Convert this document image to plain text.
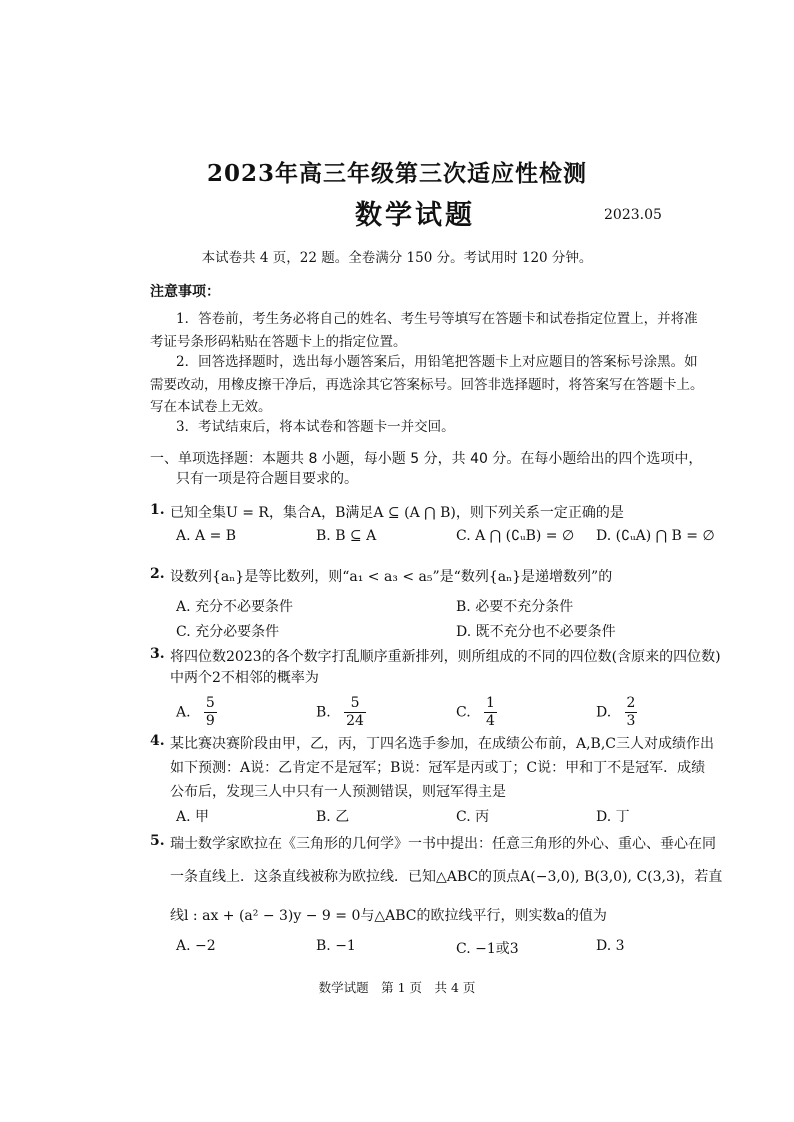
2023年高三年级第三次适应性检测
数学试题	2023.05
本试卷共 4 页，22 题。全卷满分 150 分。考试用时 120 分钟。
注意事项：
1．答卷前，考生务必将自己的姓名、考生号等填写在答题卡和试卷指定位置上，并将准
考证号条形码粘贴在答题卡上的指定位置。
2．回答选择题时，选出每小题答案后，用铅笔把答题卡上对应题目的答案标号涂黑。如
需要改动，用橡皮擦干净后，再选涂其它答案标号。回答非选择题时，将答案写在答题卡上。
写在本试卷上无效。
3．考试结束后，将本试卷和答题卡一并交回。
一、单项选择题：本题共 8 小题，每小题 5 分，共 40 分。在每小题给出的四个选项中，
只有一项是符合题目要求的。
1. 已知全集U = R，集合A，B满足A ⊆ (A ⋂ B)，则下列关系一定正确的是
A. A = B	B. B ⊆ A	C. A ⋂ (∁ᵤB) = ∅ D. (∁ᵤA) ⋂ B = ∅
2. 设数列{aₙ}是等比数列，则“a₁ < a₃ < a₅”是“数列{aₙ}是递增数列”的
A. 充分不必要条件	B. 必要不充分条件
C. 充分必要条件	D. 既不充分也不必要条件
3. 将四位数2023的各个数字打乱顺序重新排列，则所组成的不同的四位数(含原来的四位数)
中两个2不相邻的概率为
A. $\frac{5}{9}$	B. $\frac{5}{24}$	C. $\frac{1}{4}$	D. $\frac{2}{3}$
4. 某比赛决赛阶段由甲，乙，丙，丁四名选手参加，在成绩公布前，A,B,C三人对成绩作出
如下预测：A说：乙肯定不是冠军；B说：冠军是丙或丁；C说：甲和丁不是冠军．成绩
公布后，发现三人中只有一人预测错误，则冠军得主是
A. 甲	B. 乙	C. 丙	D. 丁
5. 瑞士数学家欧拉在《三角形的几何学》一书中提出：任意三角形的外心、重心、垂心在同
一条直线上．这条直线被称为欧拉线．已知△ABC的顶点A(−3,0), B(3,0), C(3,3)，若直
线l : ax + (a² − 3)y − 9 = 0与△ABC的欧拉线平行，则实数a的值为
A. −2	B. −1	C. −1或3	D. 3
数学试题　第 1 页　共 4 页
